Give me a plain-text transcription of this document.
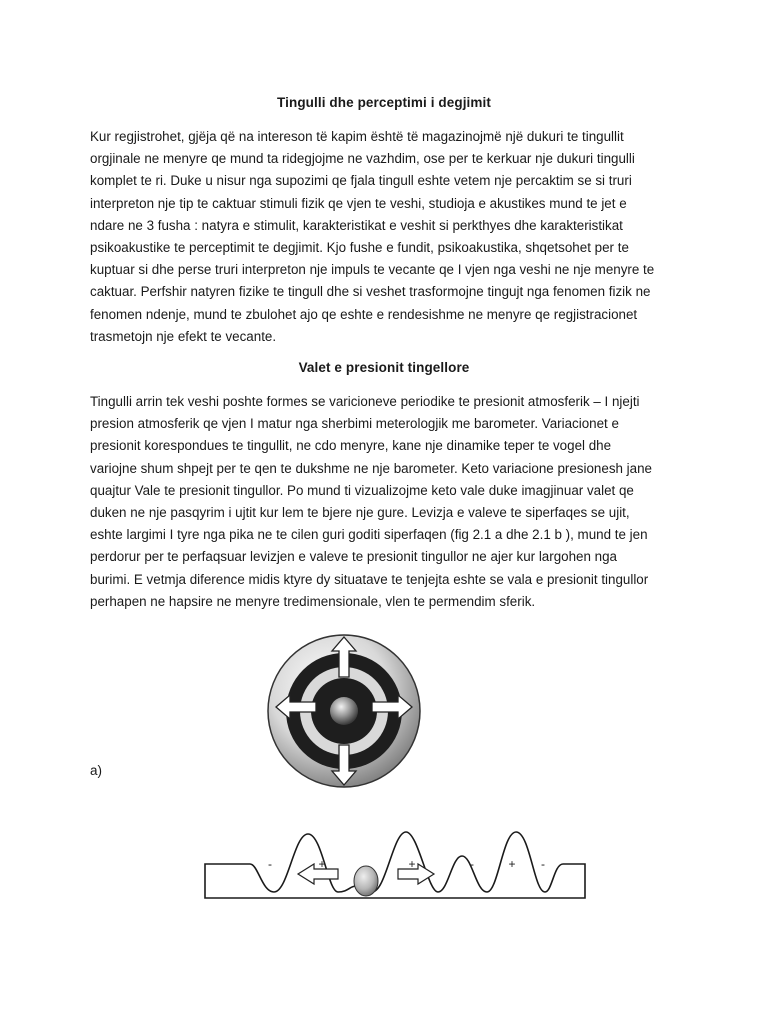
Tingulli dhe perceptimi i degjimit
Kur regjistrohet, gjëja që na intereson të kapim është të magazinojmë një dukuri te tingullit
orgjinale ne menyre qe mund ta ridegjojme ne vazhdim, ose per te kerkuar nje dukuri tingulli
komplet te ri. Duke u nisur nga supozimi qe fjala tingull eshte vetem nje percaktim se si truri
interpreton nje tip te caktuar stimuli fizik qe vjen te veshi, studioja e akustikes mund te jet e
ndare ne 3 fusha : natyra e stimulit, karakteristikat e veshit si perkthyes dhe karakteristikat
psikoakustike te perceptimit te degjimit. Kjo fushe e fundit, psikoakustika, shqetsohet per te
kuptuar si dhe perse truri interpreton nje impuls te vecante qe I vjen nga veshi ne nje menyre te
caktuar. Perfshir natyren fizike te tingull dhe si veshet trasformojne tingujt nga fenomen fizik ne
fenomen ndenje, mund te zbulohet ajo qe eshte e rendesishme ne menyre qe regjistracionet
trasmetojn nje efekt te vecante.
Valet e presionit tingellore
Tingulli arrin tek veshi poshte formes se varicioneve periodike te presionit atmosferik – I njejti
presion atmosferik qe vjen I matur nga sherbimi meterologjik me barometer. Variacionet e
presionit korespondues te tingullit, ne cdo menyre, kane nje dinamike teper te vogel dhe
variojne shum shpejt per te qen te dukshme ne nje barometer. Keto variacione presionesh jane
quajtur Vale te presionit tingullor. Po mund ti vizualizojme keto vale duke imagjinuar valet qe
duken ne nje pasqyrim i ujtit kur lem te bjere nje gure. Levizja e valeve te siperfaqes se ujit,
eshte largimi I tyre nga pika ne te cilen guri goditi siperfaqen (fig 2.1 a dhe 2.1 b ), mund te jen
perdorur per te perfaqsuar levizjen e valeve te presionit tingullor ne ajer kur largohen nga
burimi. E vetmja diference midis ktyre dy situatave te tenjejta eshte se vala e presionit tingullor
perhapen ne hapsire ne menyre tredimensionale, vlen te permendim sferik.
a)
-	+	+	-	+ -
